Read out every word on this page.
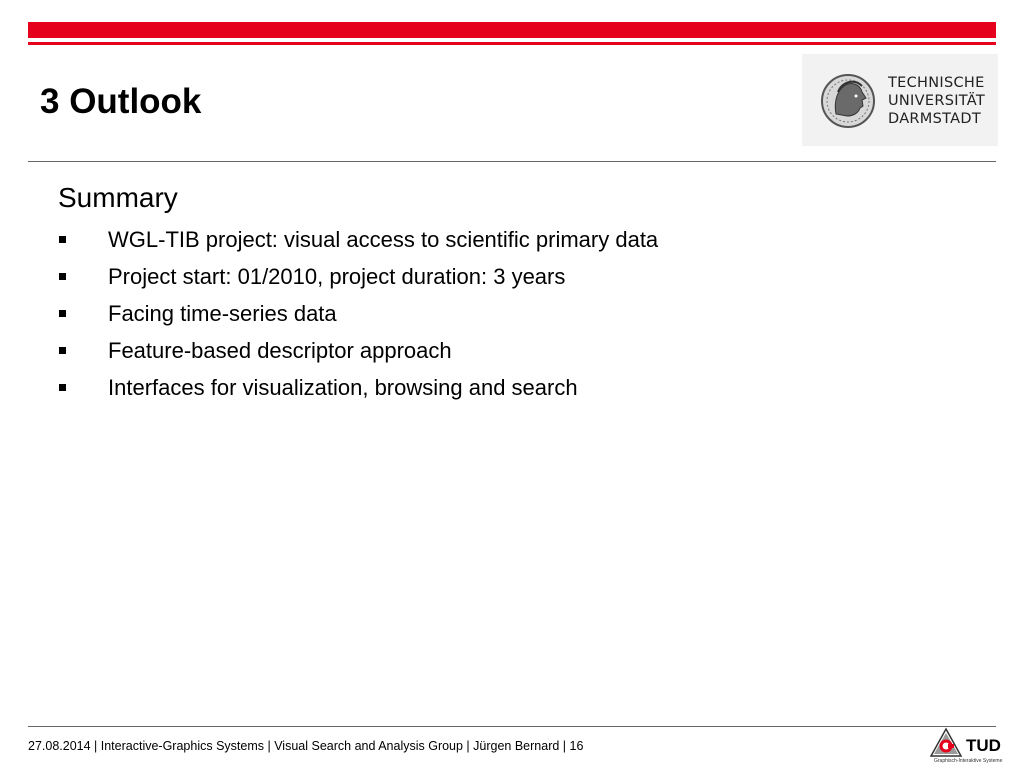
3 Outlook	TECHNISCHE
UNIVERSITÄT
DARMSTADT
Summary
WGL-TIB project: visual access to scientific primary data
Project start: 01/2010, project duration: 3 years
Facing time-series data
Feature-based descriptor approach
Interfaces for visualization, browsing and search
27.08.2014 | Interactive-Graphics Systems | Visual Search and Analysis Group | Jürgen Bernard | 16	TUD
Graphisch-Interaktive Systeme
